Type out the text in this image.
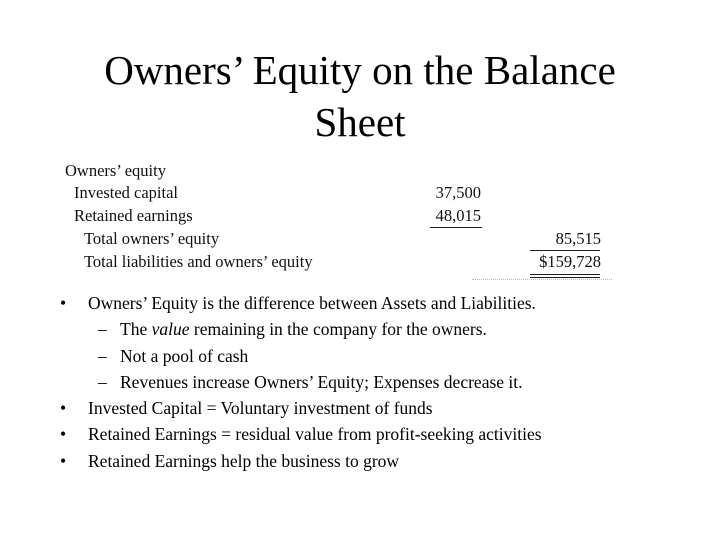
Owners’ Equity on the Balance Sheet
Owners’ equity
Invested capital	37,500
Retained earnings	48,015
Total owners’ equity	85,515
Total liabilities and owners’ equity	$159,728
• Owners’ Equity is the difference between Assets and Liabilities.
– The value remaining in the company for the owners.
– Not a pool of cash
– Revenues increase Owners’ Equity; Expenses decrease it.
• Invested Capital = Voluntary investment of funds
• Retained Earnings = residual value from profit-seeking activities
• Retained Earnings help the business to grow
